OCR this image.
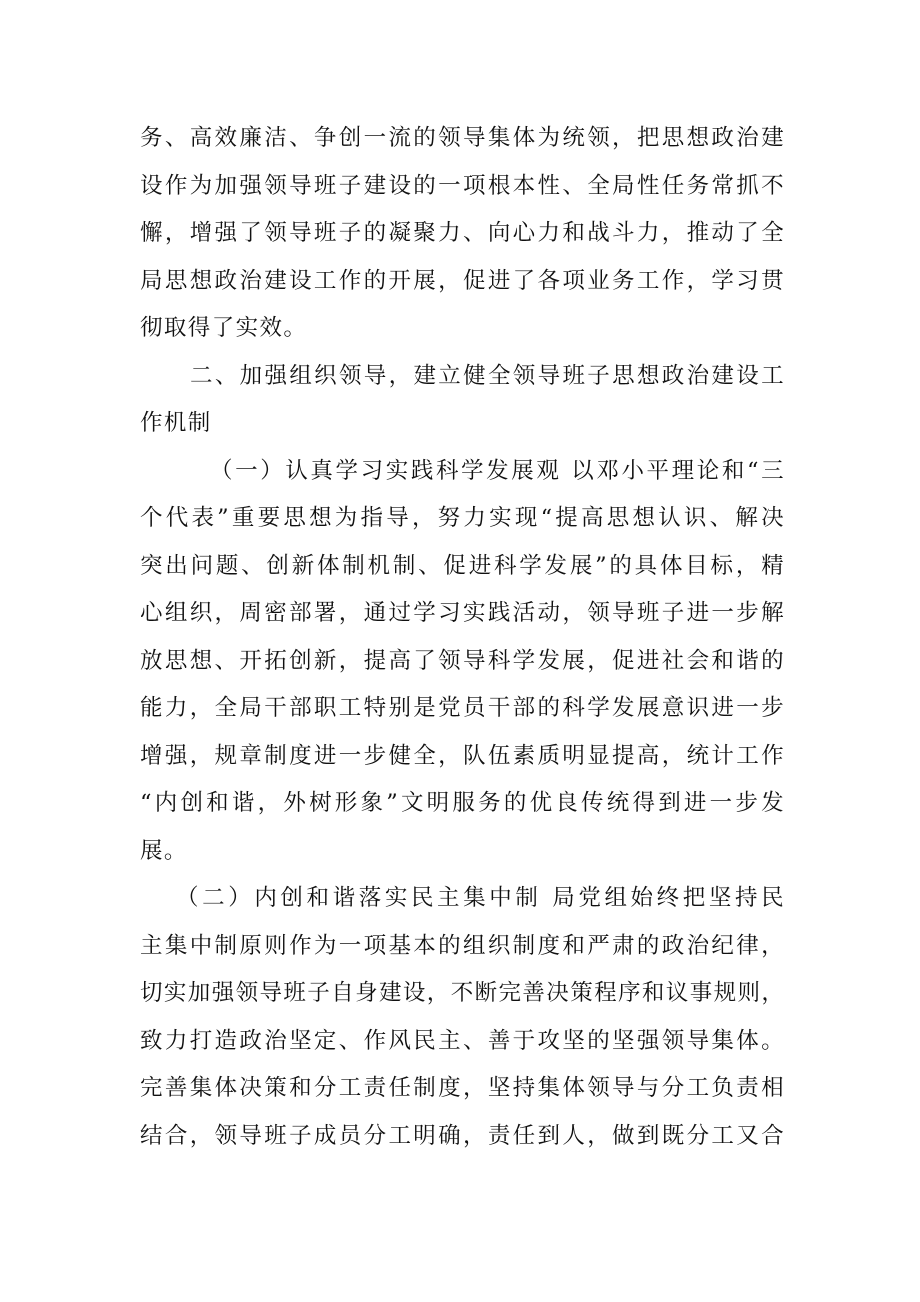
务、高效廉洁、争创一流的领导集体为统领，把思想政治建
设作为加强领导班子建设的一项根本性、全局性任务常抓不
懈，增强了领导班子的凝聚力、向心力和战斗力，推动了全
局思想政治建设工作的开展，促进了各项业务工作，学习贯
彻取得了实效。
二、加强组织领导，建立健全领导班子思想政治建设工
作机制
（一）认真学习实践科学发展观 以邓小平理论和“三
个代表”重要思想为指导，努力实现“提高思想认识、解决
突出问题、创新体制机制、促进科学发展”的具体目标，精
心组织，周密部署，通过学习实践活动，领导班子进一步解
放思想、开拓创新，提高了领导科学发展，促进社会和谐的
能力，全局干部职工特别是党员干部的科学发展意识进一步
增强，规章制度进一步健全，队伍素质明显提高，统计工作
“内创和谐，外树形象”文明服务的优良传统得到进一步发
展。
（二）内创和谐落实民主集中制 局党组始终把坚持民
主集中制原则作为一项基本的组织制度和严肃的政治纪律，
切实加强领导班子自身建设，不断完善决策程序和议事规则，
致力打造政治坚定、作风民主、善于攻坚的坚强领导集体。
完善集体决策和分工责任制度，坚持集体领导与分工负责相
结合，领导班子成员分工明确，责任到人，做到既分工又合
